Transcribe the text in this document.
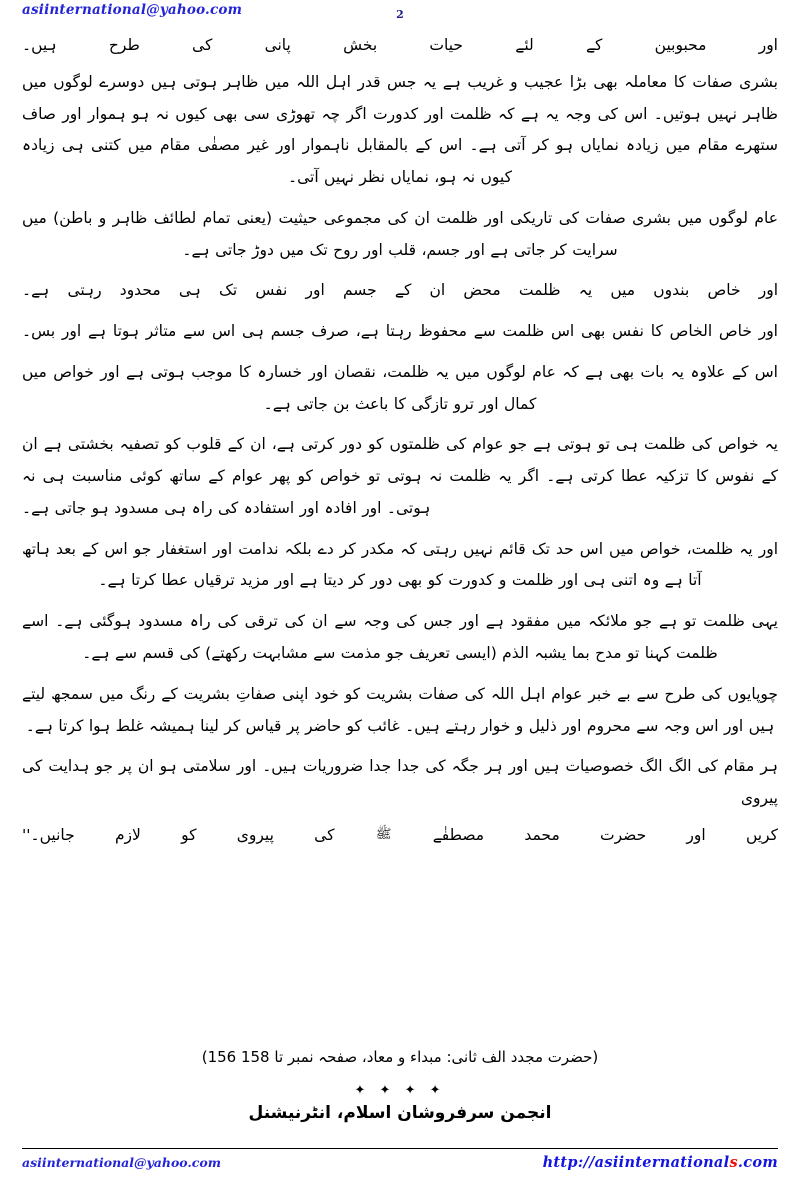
asiinternational@yahoo.com	2

اور محبوبین کے لئے حیات بخش پانی کی طرح ہیں۔

بشری صفات کا معاملہ بھی بڑا عجیب و غریب ہے یہ جس قدر اہل اللہ میں ظاہر ہوتی ہیں دوسرے لوگوں میں ظاہر نہیں ہوتیں۔ اس کی وجہ یہ ہے کہ ظلمت اور کدورت اگر چہ تھوڑی سی بھی کیوں نہ ہو ہموار اور صاف ستھرے مقام میں زیادہ نمایاں ہو کر آتی ہے۔ اس کے بالمقابل ناہموار اور غیر مصفٰی مقام میں کتنی ہی زیادہ کیوں نہ ہو، نمایاں نظر نہیں آتی۔

عام لوگوں میں بشری صفات کی تاریکی اور ظلمت ان کی مجموعی حیثیت (یعنی تمام لطائف ظاہر و باطن) میں سرایت کر جاتی ہے اور جسم، قلب اور روح تک میں دوڑ جاتی ہے۔

اور خاص بندوں میں یہ ظلمت محض ان کے جسم اور نفس تک ہی محدود رہتی ہے۔

اور خاص الخاص کا نفس بھی اس ظلمت سے محفوظ رہتا ہے، صرف جسم ہی اس سے متاثر ہوتا ہے اور بس۔

اس کے علاوہ یہ بات بھی ہے کہ عام لوگوں میں یہ ظلمت، نقصان اور خسارہ کا موجب ہوتی ہے اور خواص میں کمال اور ترو تازگی کا باعث بن جاتی ہے۔

یہ خواص کی ظلمت ہی تو ہوتی ہے جو عوام کی ظلمتوں کو دور کرتی ہے، ان کے قلوب کو تصفیہ بخشتی ہے ان کے نفوس کا تزکیہ عطا کرتی ہے۔ اگر یہ ظلمت نہ ہوتی تو خواص کو پھر عوام کے ساتھ کوئی مناسبت ہی نہ ہوتی۔ اور افادہ اور استفادہ کی راہ ہی مسدود ہو جاتی ہے۔

اور یہ ظلمت، خواص میں اس حد تک قائم نہیں رہتی کہ مکدر کر دے بلکہ ندامت اور استغفار جو اس کے بعد ہاتھ آتا ہے وہ اتنی ہی اور ظلمت و کدورت کو بھی دور کر دیتا ہے اور مزید ترقیاں عطا کرتا ہے۔

یہی ظلمت تو ہے جو ملائکہ میں مفقود ہے اور جس کی وجہ سے ان کی ترقی کی راہ مسدود ہوگئی ہے۔ اسے ظلمت کہنا تو مدح بما یشبہ الذم (ایسی تعریف جو مذمت سے مشابہت رکھتے) کی قسم سے ہے۔

چوپایوں کی طرح سے بے خبر عوام اہل اللہ کی صفات بشریت کو خود اپنی صفاتِ بشریت کے رنگ میں سمجھ لیتے ہیں اور اس وجہ سے محروم اور ذلیل و خوار رہتے ہیں۔ غائب کو حاضر پر قیاس کر لینا ہمیشہ غلط ہوا کرتا ہے۔

ہر مقام کی الگ الگ خصوصیات ہیں اور ہر جگہ کی جدا جدا ضروریات ہیں۔ اور سلامتی ہو ان پر جو ہدایت کی پیروی

کریں اور حضرت محمد مصطفٰے ﷺ کی پیروی کو لازم جانیں۔''

(حضرت مجدد الف ثانی: مبداء و معاد، صفحہ نمبر 156 تا 158)
✦ ✦ ✦ ✦
انجمن سرفروشان اسلام، انٹرنیشنل
asiinternational@yahoo.com	http://asiinternationals.com
